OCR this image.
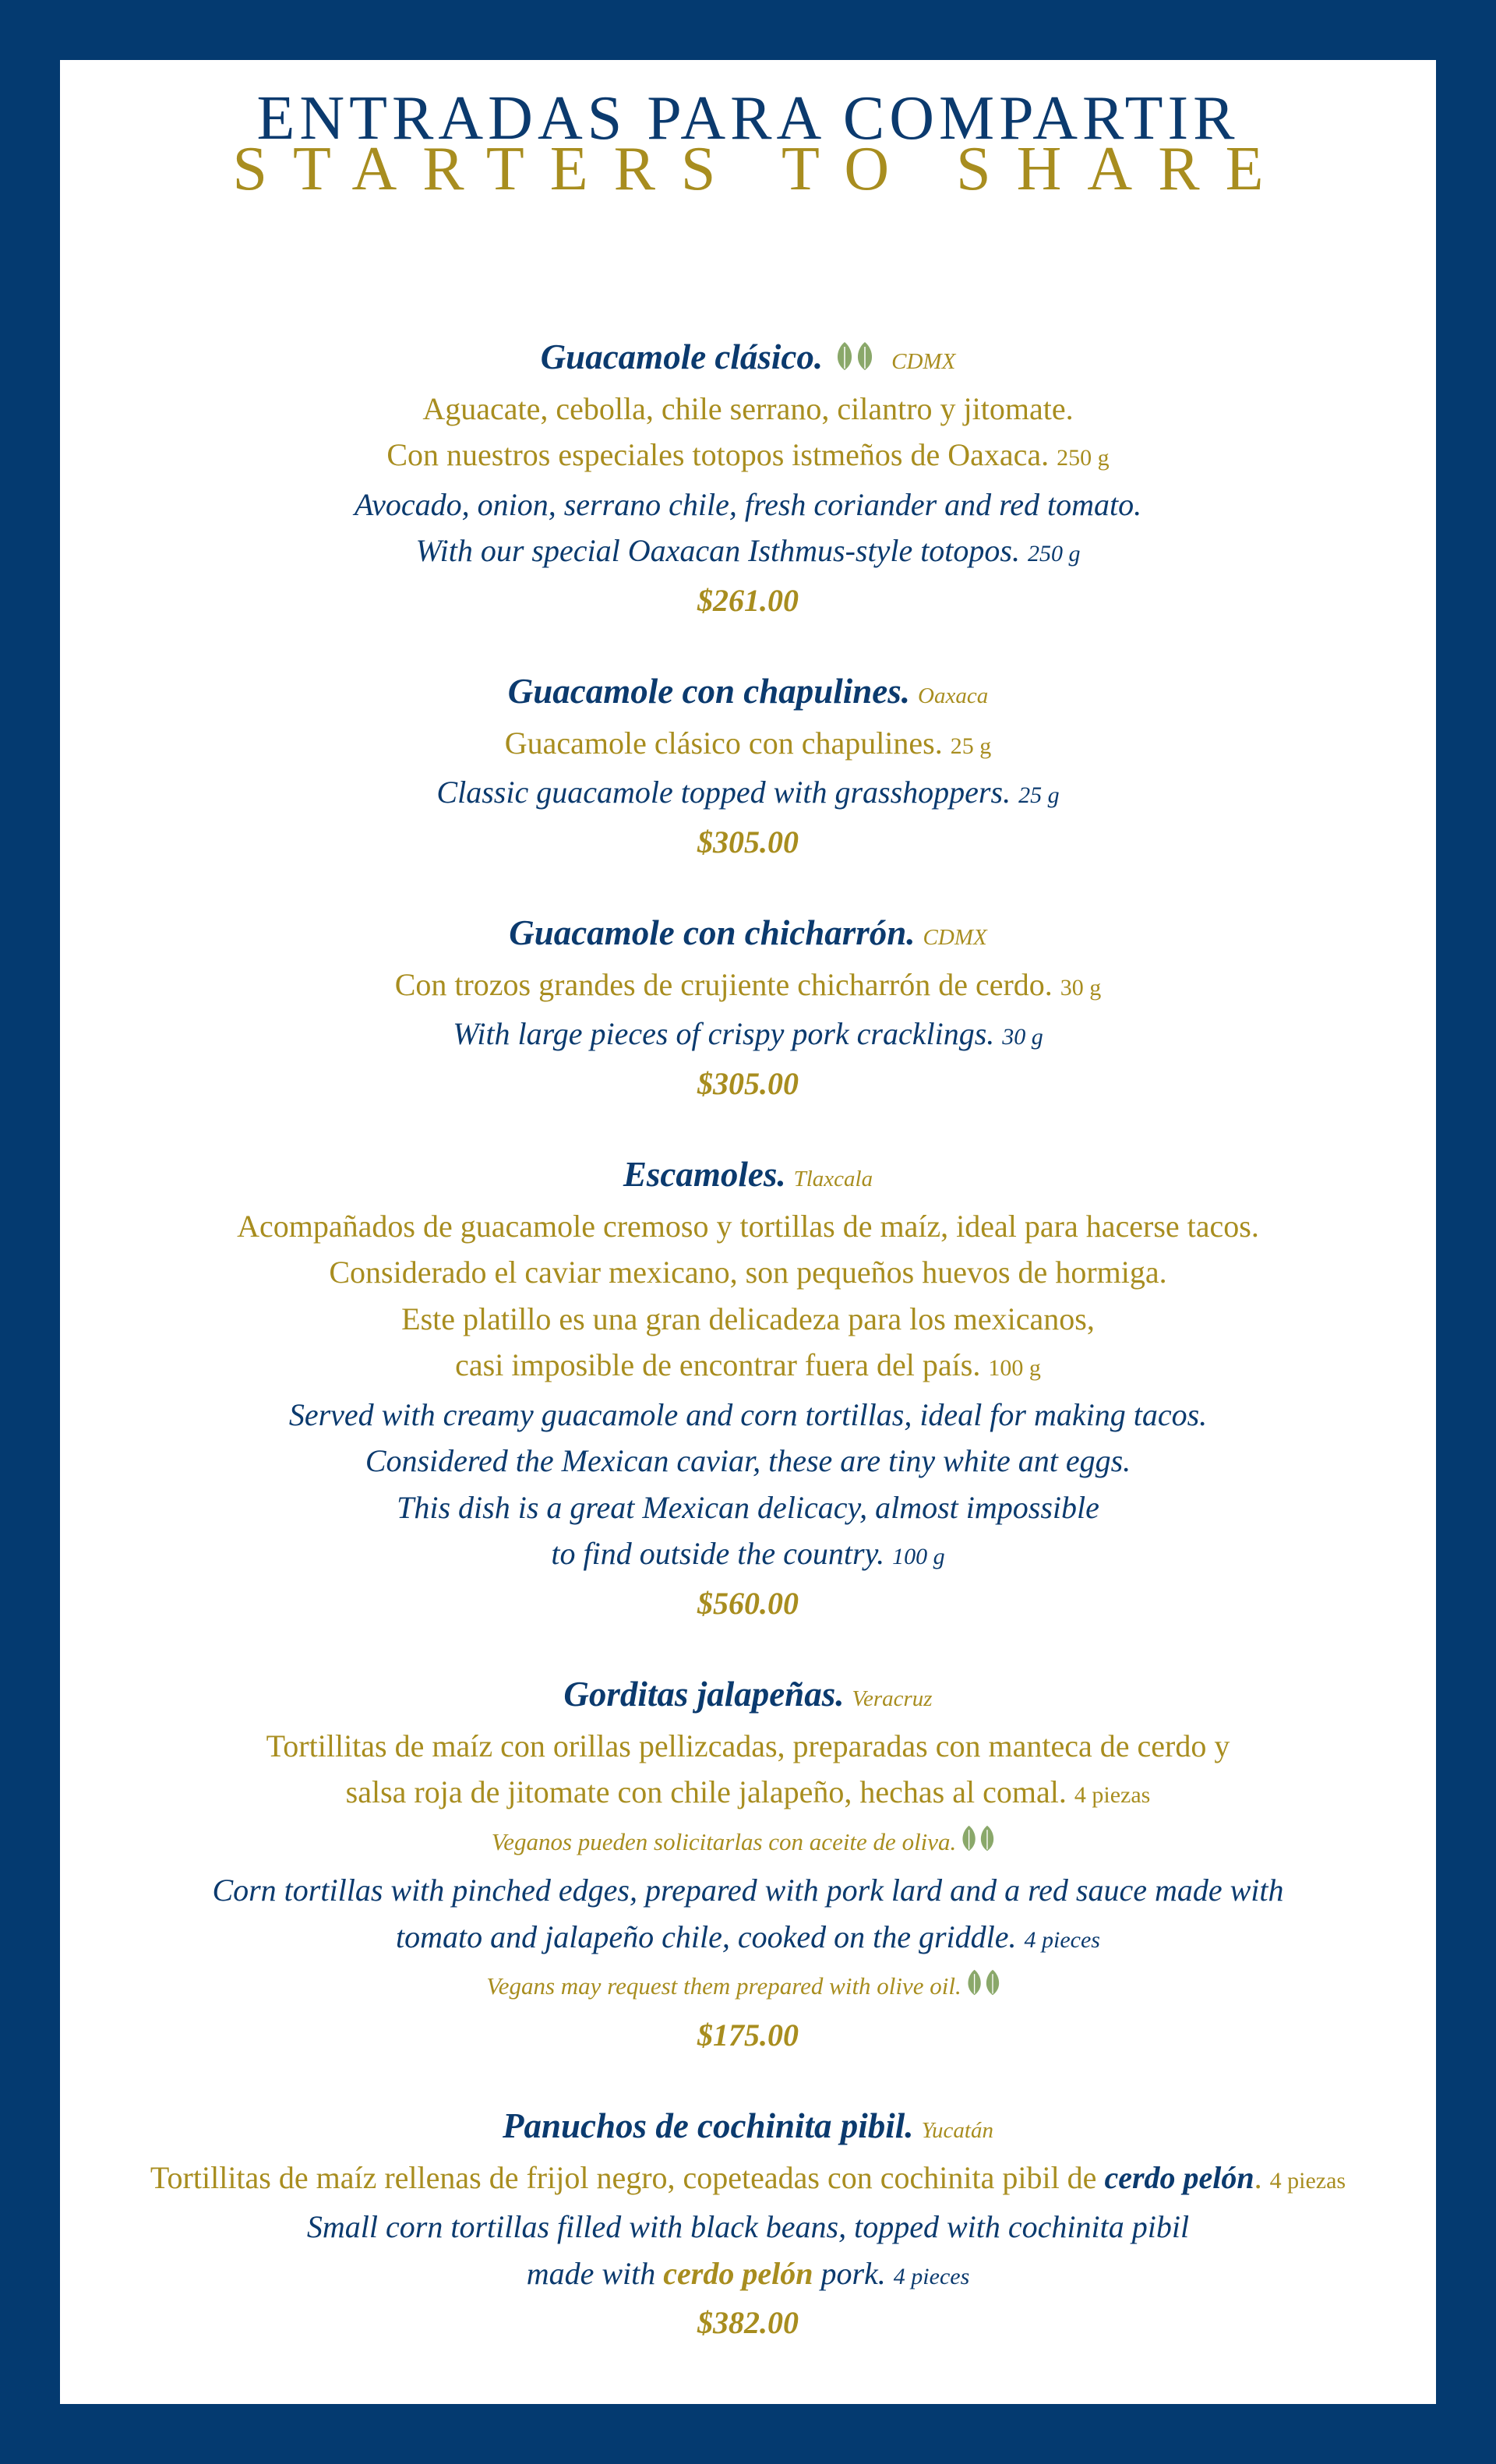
ENTRADAS PARA COMPARTIR
STARTERS TO SHARE
Guacamole clásico.	CDMX
Aguacate, cebolla, chile serrano, cilantro y jitomate.
Con nuestros especiales totopos istmeños de Oaxaca. 250 g
Avocado, onion, serrano chile, fresh coriander and red tomato.
With our special Oaxacan Isthmus-style totopos. 250 g
$261.00
Guacamole con chapulines. Oaxaca
Guacamole clásico con chapulines. 25 g
Classic guacamole topped with grasshoppers. 25 g
$305.00
Guacamole con chicharrón. CDMX
Con trozos grandes de crujiente chicharrón de cerdo. 30 g
With large pieces of crispy pork cracklings. 30 g
$305.00
Escamoles. Tlaxcala
Acompañados de guacamole cremoso y tortillas de maíz, ideal para hacerse tacos.
Considerado el caviar mexicano, son pequeños huevos de hormiga.
Este platillo es una gran delicadeza para los mexicanos,
casi imposible de encontrar fuera del país. 100 g
Served with creamy guacamole and corn tortillas, ideal for making tacos.
Considered the Mexican caviar, these are tiny white ant eggs.
This dish is a great Mexican delicacy, almost impossible
to find outside the country. 100 g
$560.00
Gorditas jalapeñas. Veracruz
Tortillitas de maíz con orillas pellizcadas, preparadas con manteca de cerdo y
salsa roja de jitomate con chile jalapeño, hechas al comal. 4 piezas
Veganos pueden solicitarlas con aceite de oliva.
Corn tortillas with pinched edges, prepared with pork lard and a red sauce made with
tomato and jalapeño chile, cooked on the griddle. 4 pieces
Vegans may request them prepared with olive oil.
$175.00
Panuchos de cochinita pibil. Yucatán
Tortillitas de maíz rellenas de frijol negro, copeteadas con cochinita pibil de cerdo pelón. 4 piezas
Small corn tortillas filled with black beans, topped with cochinita pibil
made with cerdo pelón pork. 4 pieces
$382.00
